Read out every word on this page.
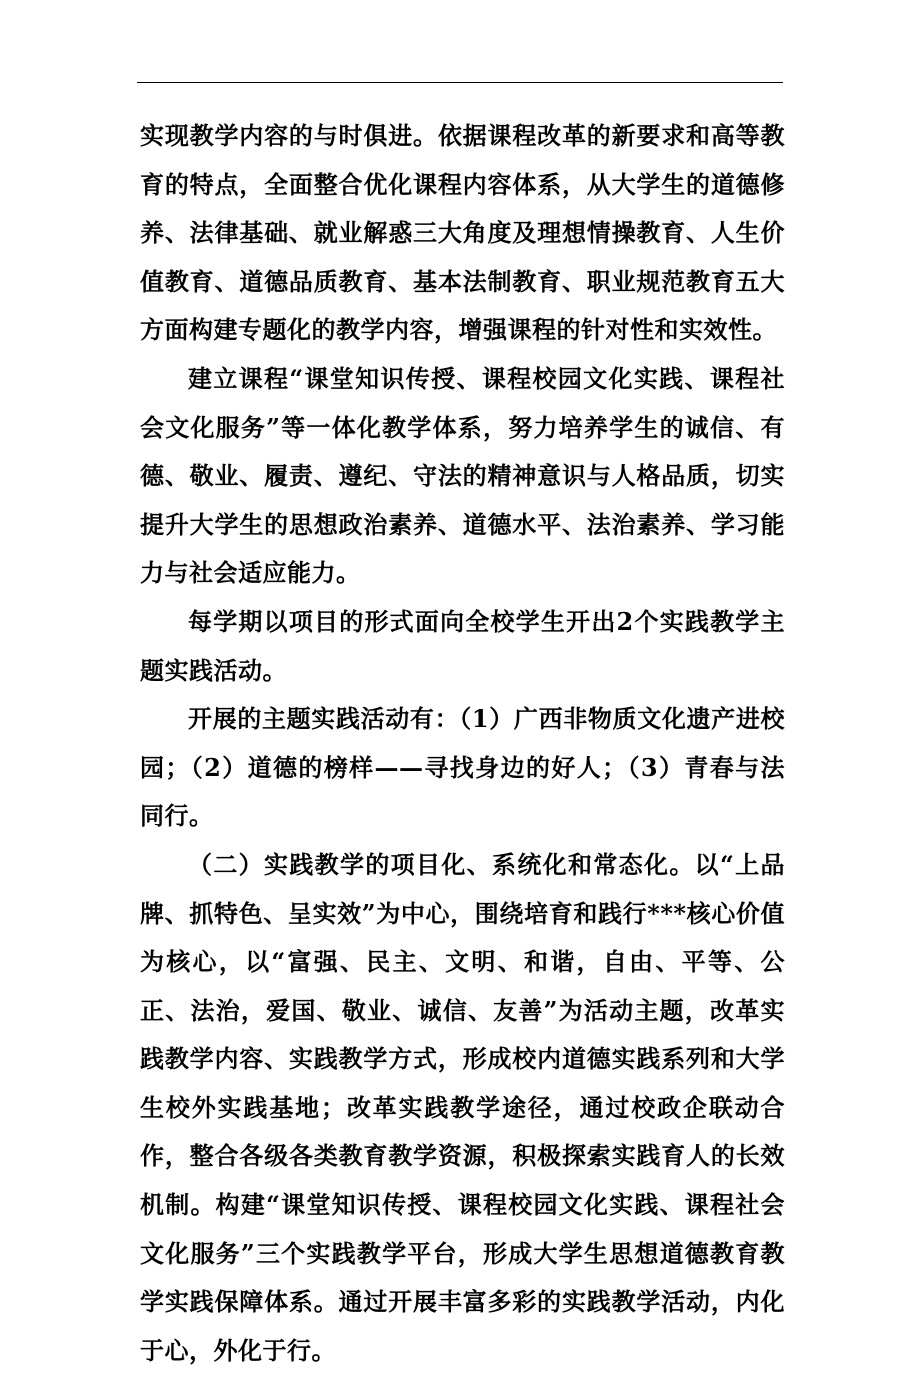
实现教学内容的与时俱进。依据课程改革的新要求和高等教育的特点，全面整合优化课程内容体系，从大学生的道德修养、法律基础、就业解惑三大角度及理想情操教育、人生价值教育、道德品质教育、基本法制教育、职业规范教育五大方面构建专题化的教学内容，增强课程的针对性和实效性。

建立课程“课堂知识传授、课程校园文化实践、课程社会文化服务”等一体化教学体系，努力培养学生的诚信、有德、敬业、履责、遵纪、守法的精神意识与人格品质，切实提升大学生的思想政治素养、道德水平、法治素养、学习能力与社会适应能力。

每学期以项目的形式面向全校学生开出2个实践教学主题实践活动。

开展的主题实践活动有：（1）广西非物质文化遗产进校园；（2）道德的榜样——寻找身边的好人；（3）青春与法同行。

（二）实践教学的项目化、系统化和常态化。以“上品牌、抓特色、呈实效”为中心，围绕培育和践行***核心价值为核心，以“富强、民主、文明、和谐，自由、平等、公正、法治，爱国、敬业、诚信、友善”为活动主题，改革实践教学内容、实践教学方式，形成校内道德实践系列和大学生校外实践基地；改革实践教学途径，通过校政企联动合作，整合各级各类教育教学资源，积极探索实践育人的长效机制。构建“课堂知识传授、课程校园文化实践、课程社会文化服务”三个实践教学平台，形成大学生思想道德教育教学实践保障体系。通过开展丰富多彩的实践教学活动，内化于心，外化于行。
